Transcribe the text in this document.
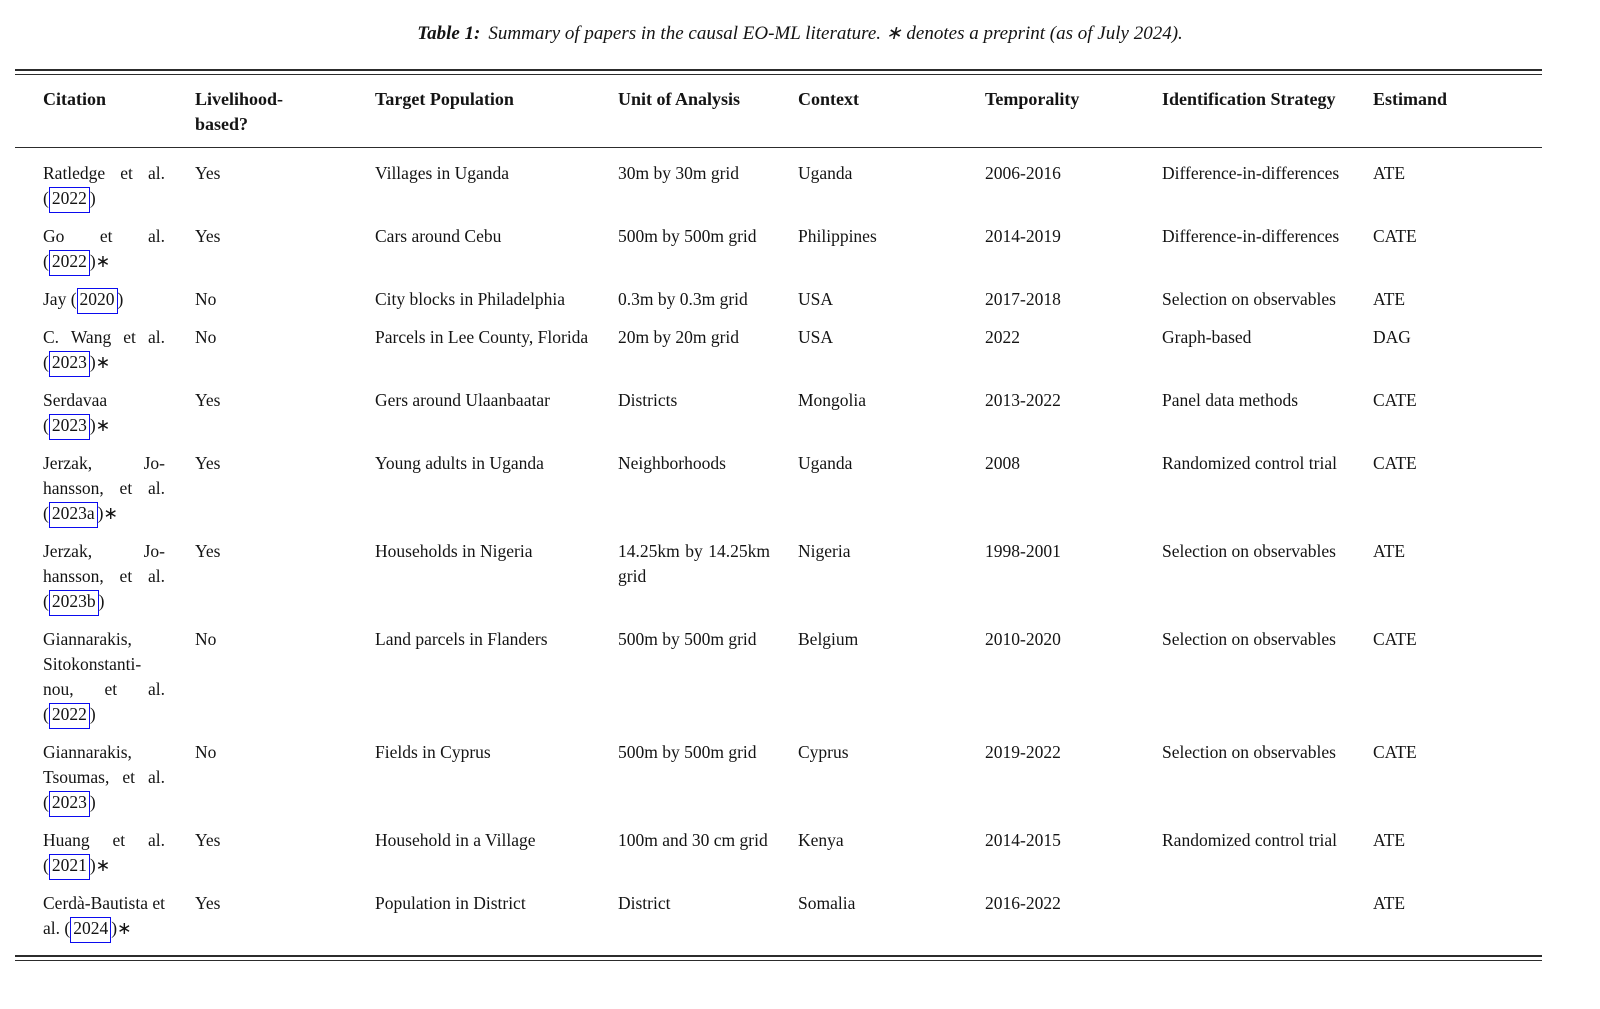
Table 1: Summary of papers in the causal EO-ML literature. ∗ denotes a preprint (as of July 2024).
Citation	Livelihood-based?	Target Population	Unit of Analysis	Context	Temporality	Identification Strategy	Estimand
Ratledge et al. ( 2022 )	Yes	Villages in Uganda	30m by 30m grid	Uganda	2006-2016	Difference-in-differences	ATE
Go et al. ( 2022 )∗	Yes	Cars around Cebu	500m by 500m grid	Philippines	2014-2019	Difference-in-differences	CATE
Jay ( 2020 )	No	City blocks in Philadelphia	0.3m by 0.3m grid	USA	2017-2018	Selection on observables	ATE
C. Wang et al. ( 2023 )∗	No	Parcels in Lee County, Florida	20m by 20m grid	USA	2022	Graph-based	DAG
Serdavaa ( 2023 )∗	Yes	Gers around Ulaanbaatar	Districts	Mongolia	2013-2022	Panel data methods	CATE
Jerzak, Johansson, et al. ( 2023a )∗	Yes	Young adults in Uganda	Neighborhoods	Uganda	2008	Randomized control trial	CATE
Jerzak, Johansson, et al. ( 2023b )	Yes	Households in Nigeria	14.25km by 14.25km grid	Nigeria	1998-2001	Selection on observables	ATE
Giannarakis, Sitokonstantinou, et al. ( 2022 )	No	Land parcels in Flanders	500m by 500m grid	Belgium	2010-2020	Selection on observables	CATE
Giannarakis, Tsoumas, et al. ( 2023 )	No	Fields in Cyprus	500m by 500m grid	Cyprus	2019-2022	Selection on observables	CATE
Huang et al. ( 2021 )∗	Yes	Household in a Village	100m and 30 cm grid	Kenya	2014-2015	Randomized control trial	ATE
Cerdà-Bautista et al. ( 2024 )∗	Yes	Population in District	District	Somalia	2016-2022		ATE
